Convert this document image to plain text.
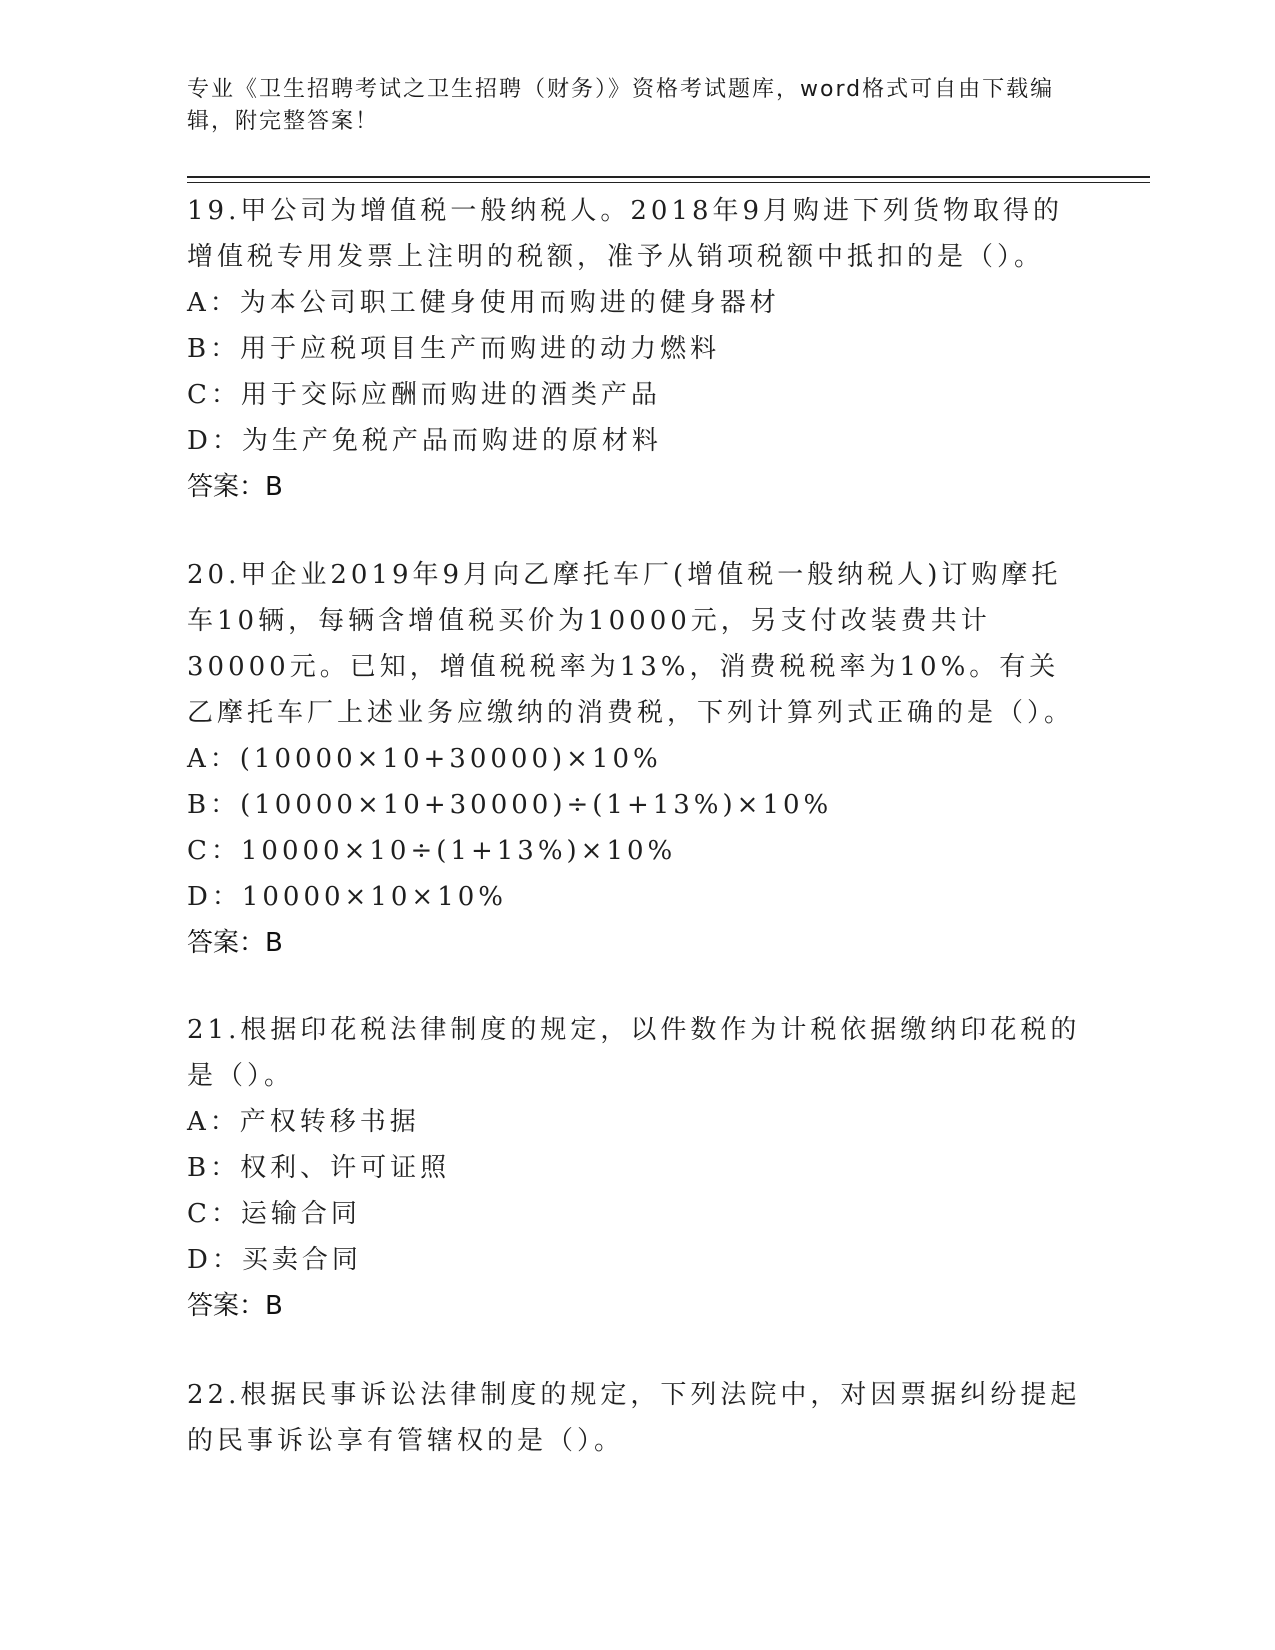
专业《卫生招聘考试之卫生招聘（财务）》资格考试题库，word格式可自由下载编辑，附完整答案！

19.甲公司为增值税一般纳税人。2018年9月购进下列货物取得的增值税专用发票上注明的税额，准予从销项税额中抵扣的是（）。

A：为本公司职工健身使用而购进的健身器材

B：用于应税项目生产而购进的动力燃料

C：用于交际应酬而购进的酒类产品

D：为生产免税产品而购进的原材料

答案：B

20.甲企业2019年9月向乙摩托车厂(增值税一般纳税人)订购摩托车10辆，每辆含增值税买价为10000元，另支付改装费共计30000元。已知，增值税税率为13%，消费税税率为10%。有关乙摩托车厂上述业务应缴纳的消费税，下列计算列式正确的是（）。

A：(10000×10+30000)×10%

B：(10000×10+30000)÷(1+13%)×10%

C：10000×10÷(1+13%)×10%

D：10000×10×10%

答案：B

21.根据印花税法律制度的规定，以件数作为计税依据缴纳印花税的是（）。

A：产权转移书据

B：权利、许可证照

C：运输合同

D：买卖合同

答案：B

22.根据民事诉讼法律制度的规定，下列法院中，对因票据纠纷提起的民事诉讼享有管辖权的是（）。
